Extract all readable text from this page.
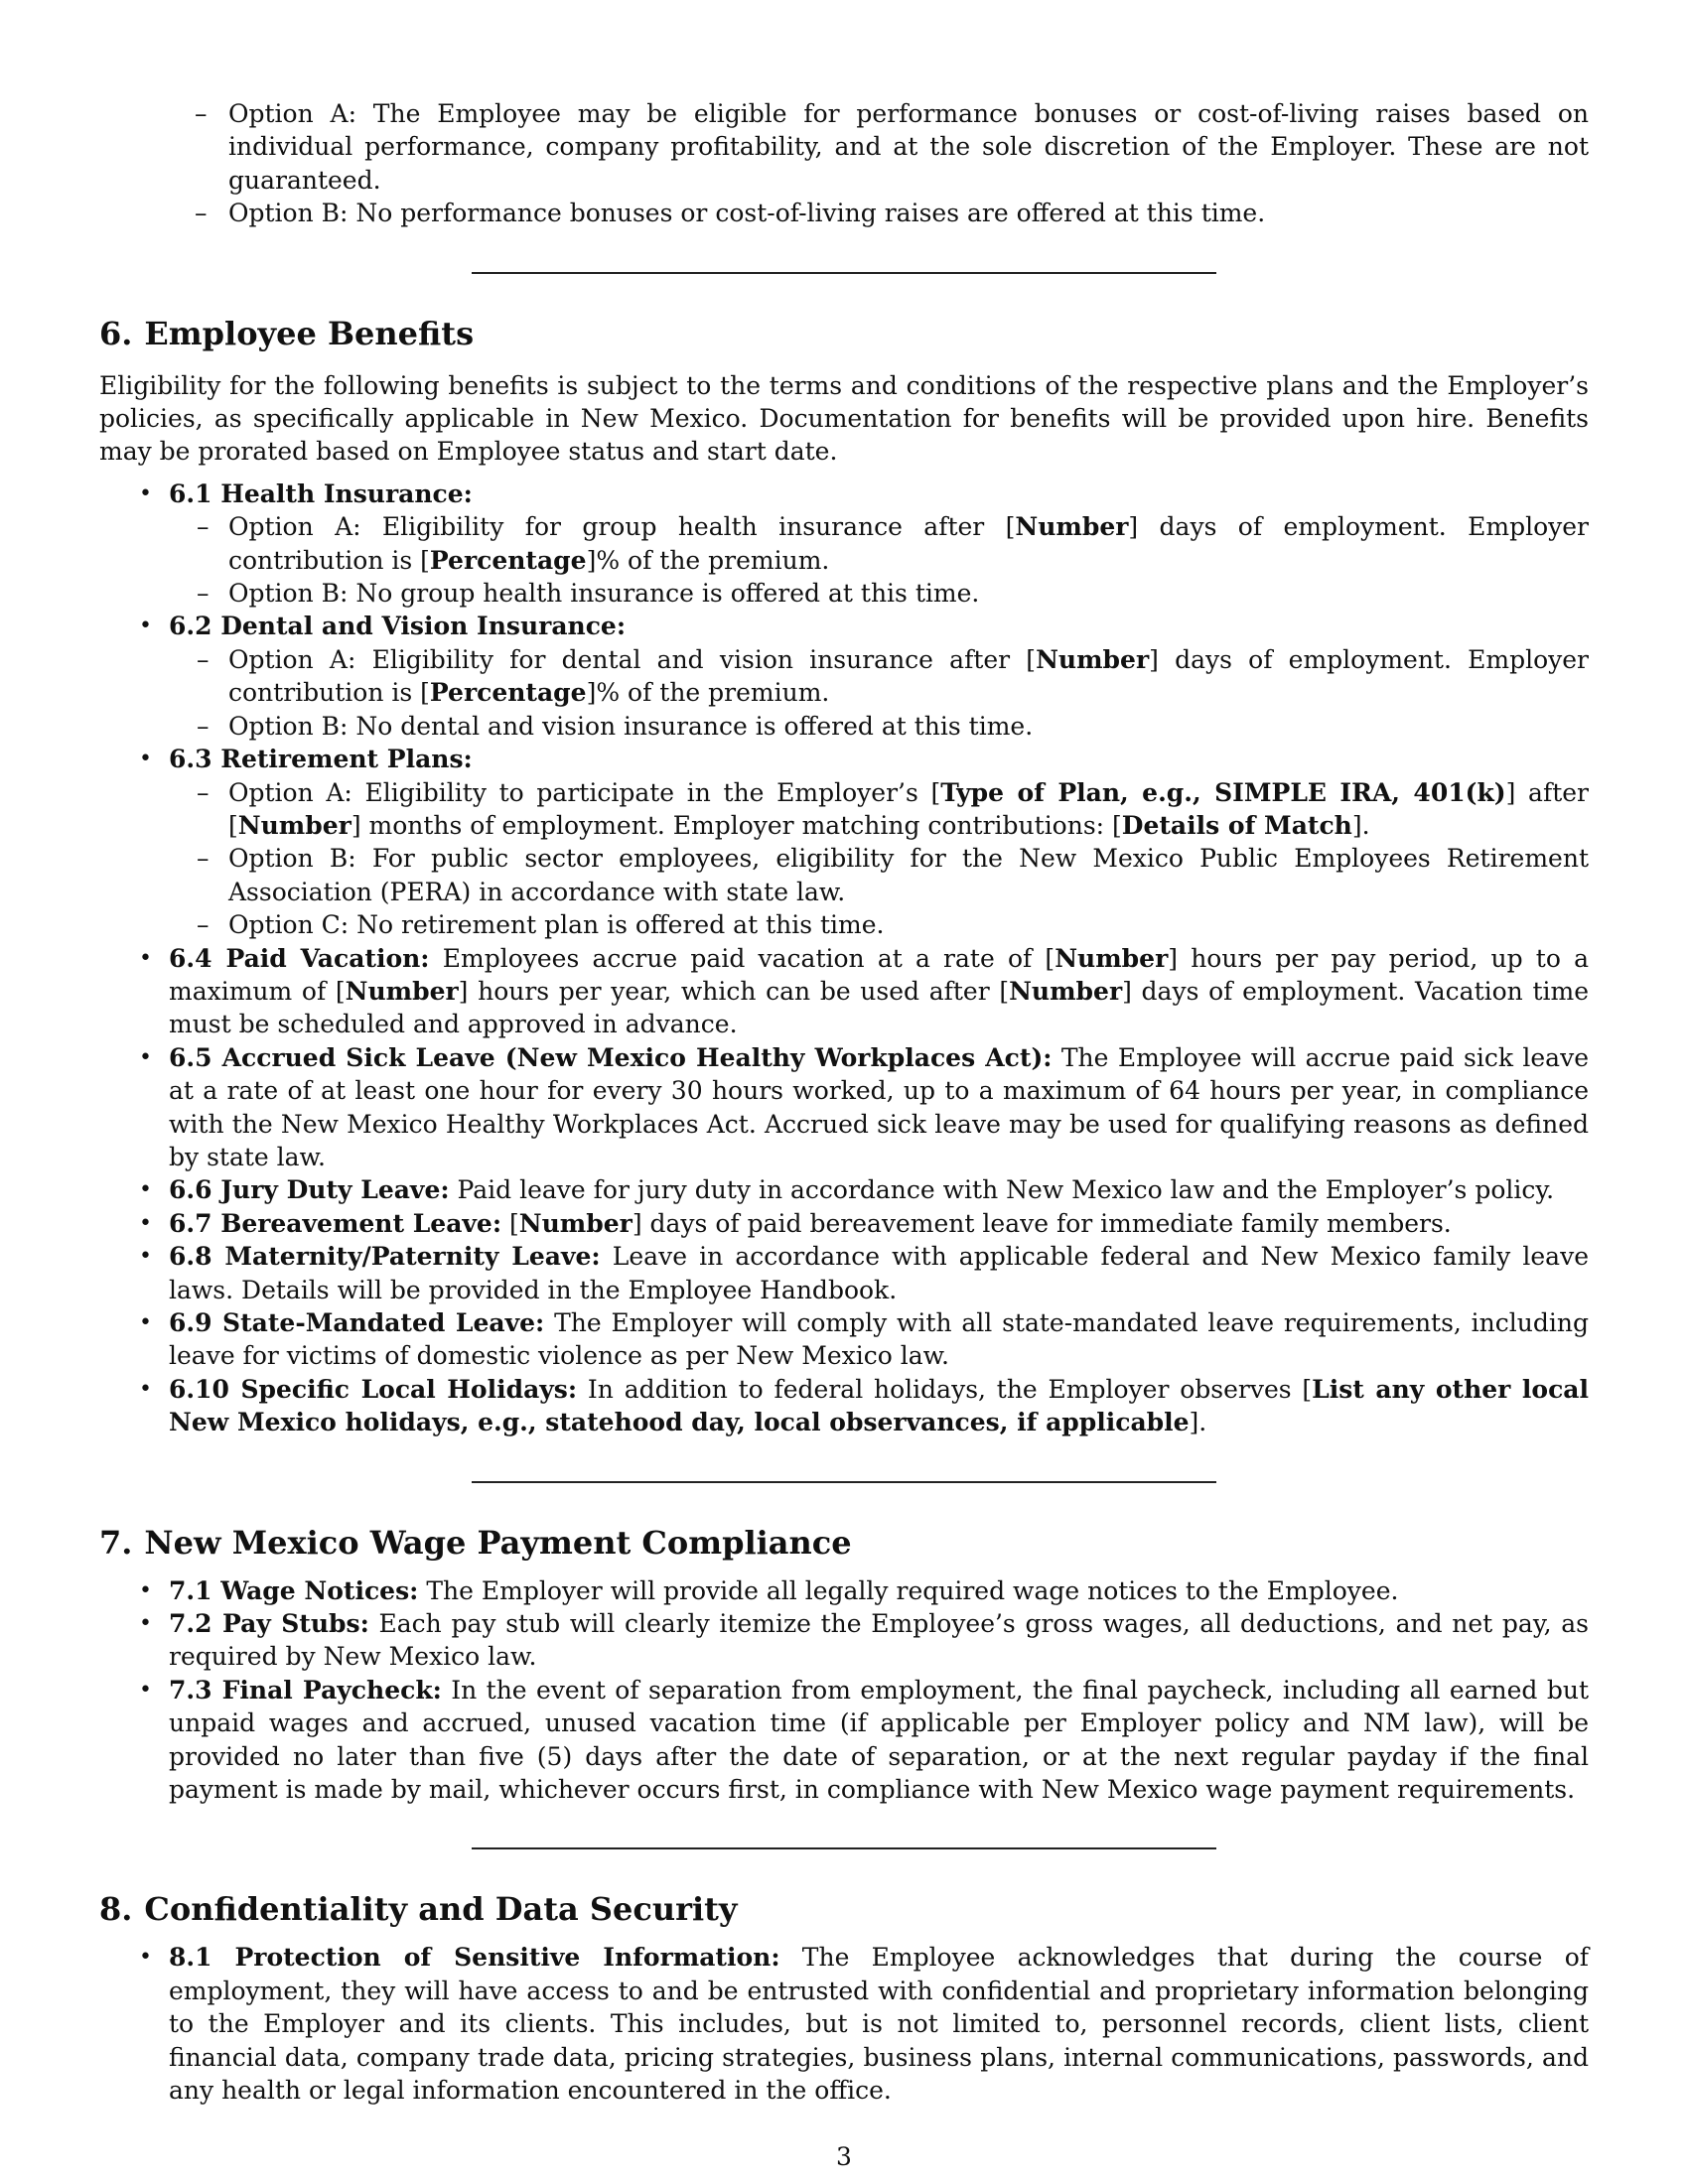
– Option A: The Employee may be eligible for performance bonuses or cost-of-living raises based on individual performance, company profitability, and at the sole discretion of the Employer. These are not guaranteed.
– Option B: No performance bonuses or cost-of-living raises are offered at this time.
6. Employee Benefits

Eligibility for the following benefits is subject to the terms and conditions of the respective plans and the Employer’s policies, as specifically applicable in New Mexico. Documentation for benefits will be provided upon hire. Benefits may be prorated based on Employee status and start date.

• 6.1 Health Insurance:
– Option A: Eligibility for group health insurance after [Number] days of employment. Employer contribution is [Percentage]% of the premium.
– Option B: No group health insurance is offered at this time.
• 6.2 Dental and Vision Insurance:
– Option A: Eligibility for dental and vision insurance after [Number] days of employment. Employer contribution is [Percentage]% of the premium.
– Option B: No dental and vision insurance is offered at this time.
• 6.3 Retirement Plans:
– Option A: Eligibility to participate in the Employer’s [Type of Plan, e.g., SIMPLE IRA, 401(k)] after [Number] months of employment. Employer matching contributions: [Details of Match].
– Option B: For public sector employees, eligibility for the New Mexico Public Employees Retirement Association (PERA) in accordance with state law.
– Option C: No retirement plan is offered at this time.
• 6.4 Paid Vacation: Employees accrue paid vacation at a rate of [Number] hours per pay period, up to a maximum of [Number] hours per year, which can be used after [Number] days of employment. Vacation time must be scheduled and approved in advance.
• 6.5 Accrued Sick Leave (New Mexico Healthy Workplaces Act): The Employee will accrue paid sick leave at a rate of at least one hour for every 30 hours worked, up to a maximum of 64 hours per year, in compliance with the New Mexico Healthy Workplaces Act. Accrued sick leave may be used for qualifying reasons as defined by state law.
• 6.6 Jury Duty Leave: Paid leave for jury duty in accordance with New Mexico law and the Employer’s policy.
• 6.7 Bereavement Leave: [Number] days of paid bereavement leave for immediate family members.
• 6.8 Maternity/Paternity Leave: Leave in accordance with applicable federal and New Mexico family leave laws. Details will be provided in the Employee Handbook.
• 6.9 State-Mandated Leave: The Employer will comply with all state-mandated leave requirements, including leave for victims of domestic violence as per New Mexico law.
• 6.10 Specific Local Holidays: In addition to federal holidays, the Employer observes [List any other local New Mexico holidays, e.g., statehood day, local observances, if applicable].
7. New Mexico Wage Payment Compliance
• 7.1 Wage Notices: The Employer will provide all legally required wage notices to the Employee.
• 7.2 Pay Stubs: Each pay stub will clearly itemize the Employee’s gross wages, all deductions, and net pay, as required by New Mexico law.
• 7.3 Final Paycheck: In the event of separation from employment, the final paycheck, including all earned but unpaid wages and accrued, unused vacation time (if applicable per Employer policy and NM law), will be provided no later than five (5) days after the date of separation, or at the next regular payday if the final payment is made by mail, whichever occurs first, in compliance with New Mexico wage payment requirements.
8. Confidentiality and Data Security
• 8.1 Protection of Sensitive Information: The Employee acknowledges that during the course of employment, they will have access to and be entrusted with confidential and proprietary information belonging to the Employer and its clients. This includes, but is not limited to, personnel records, client lists, client financial data, company trade data, pricing strategies, business plans, internal communications, passwords, and any health or legal information encountered in the office.
3
